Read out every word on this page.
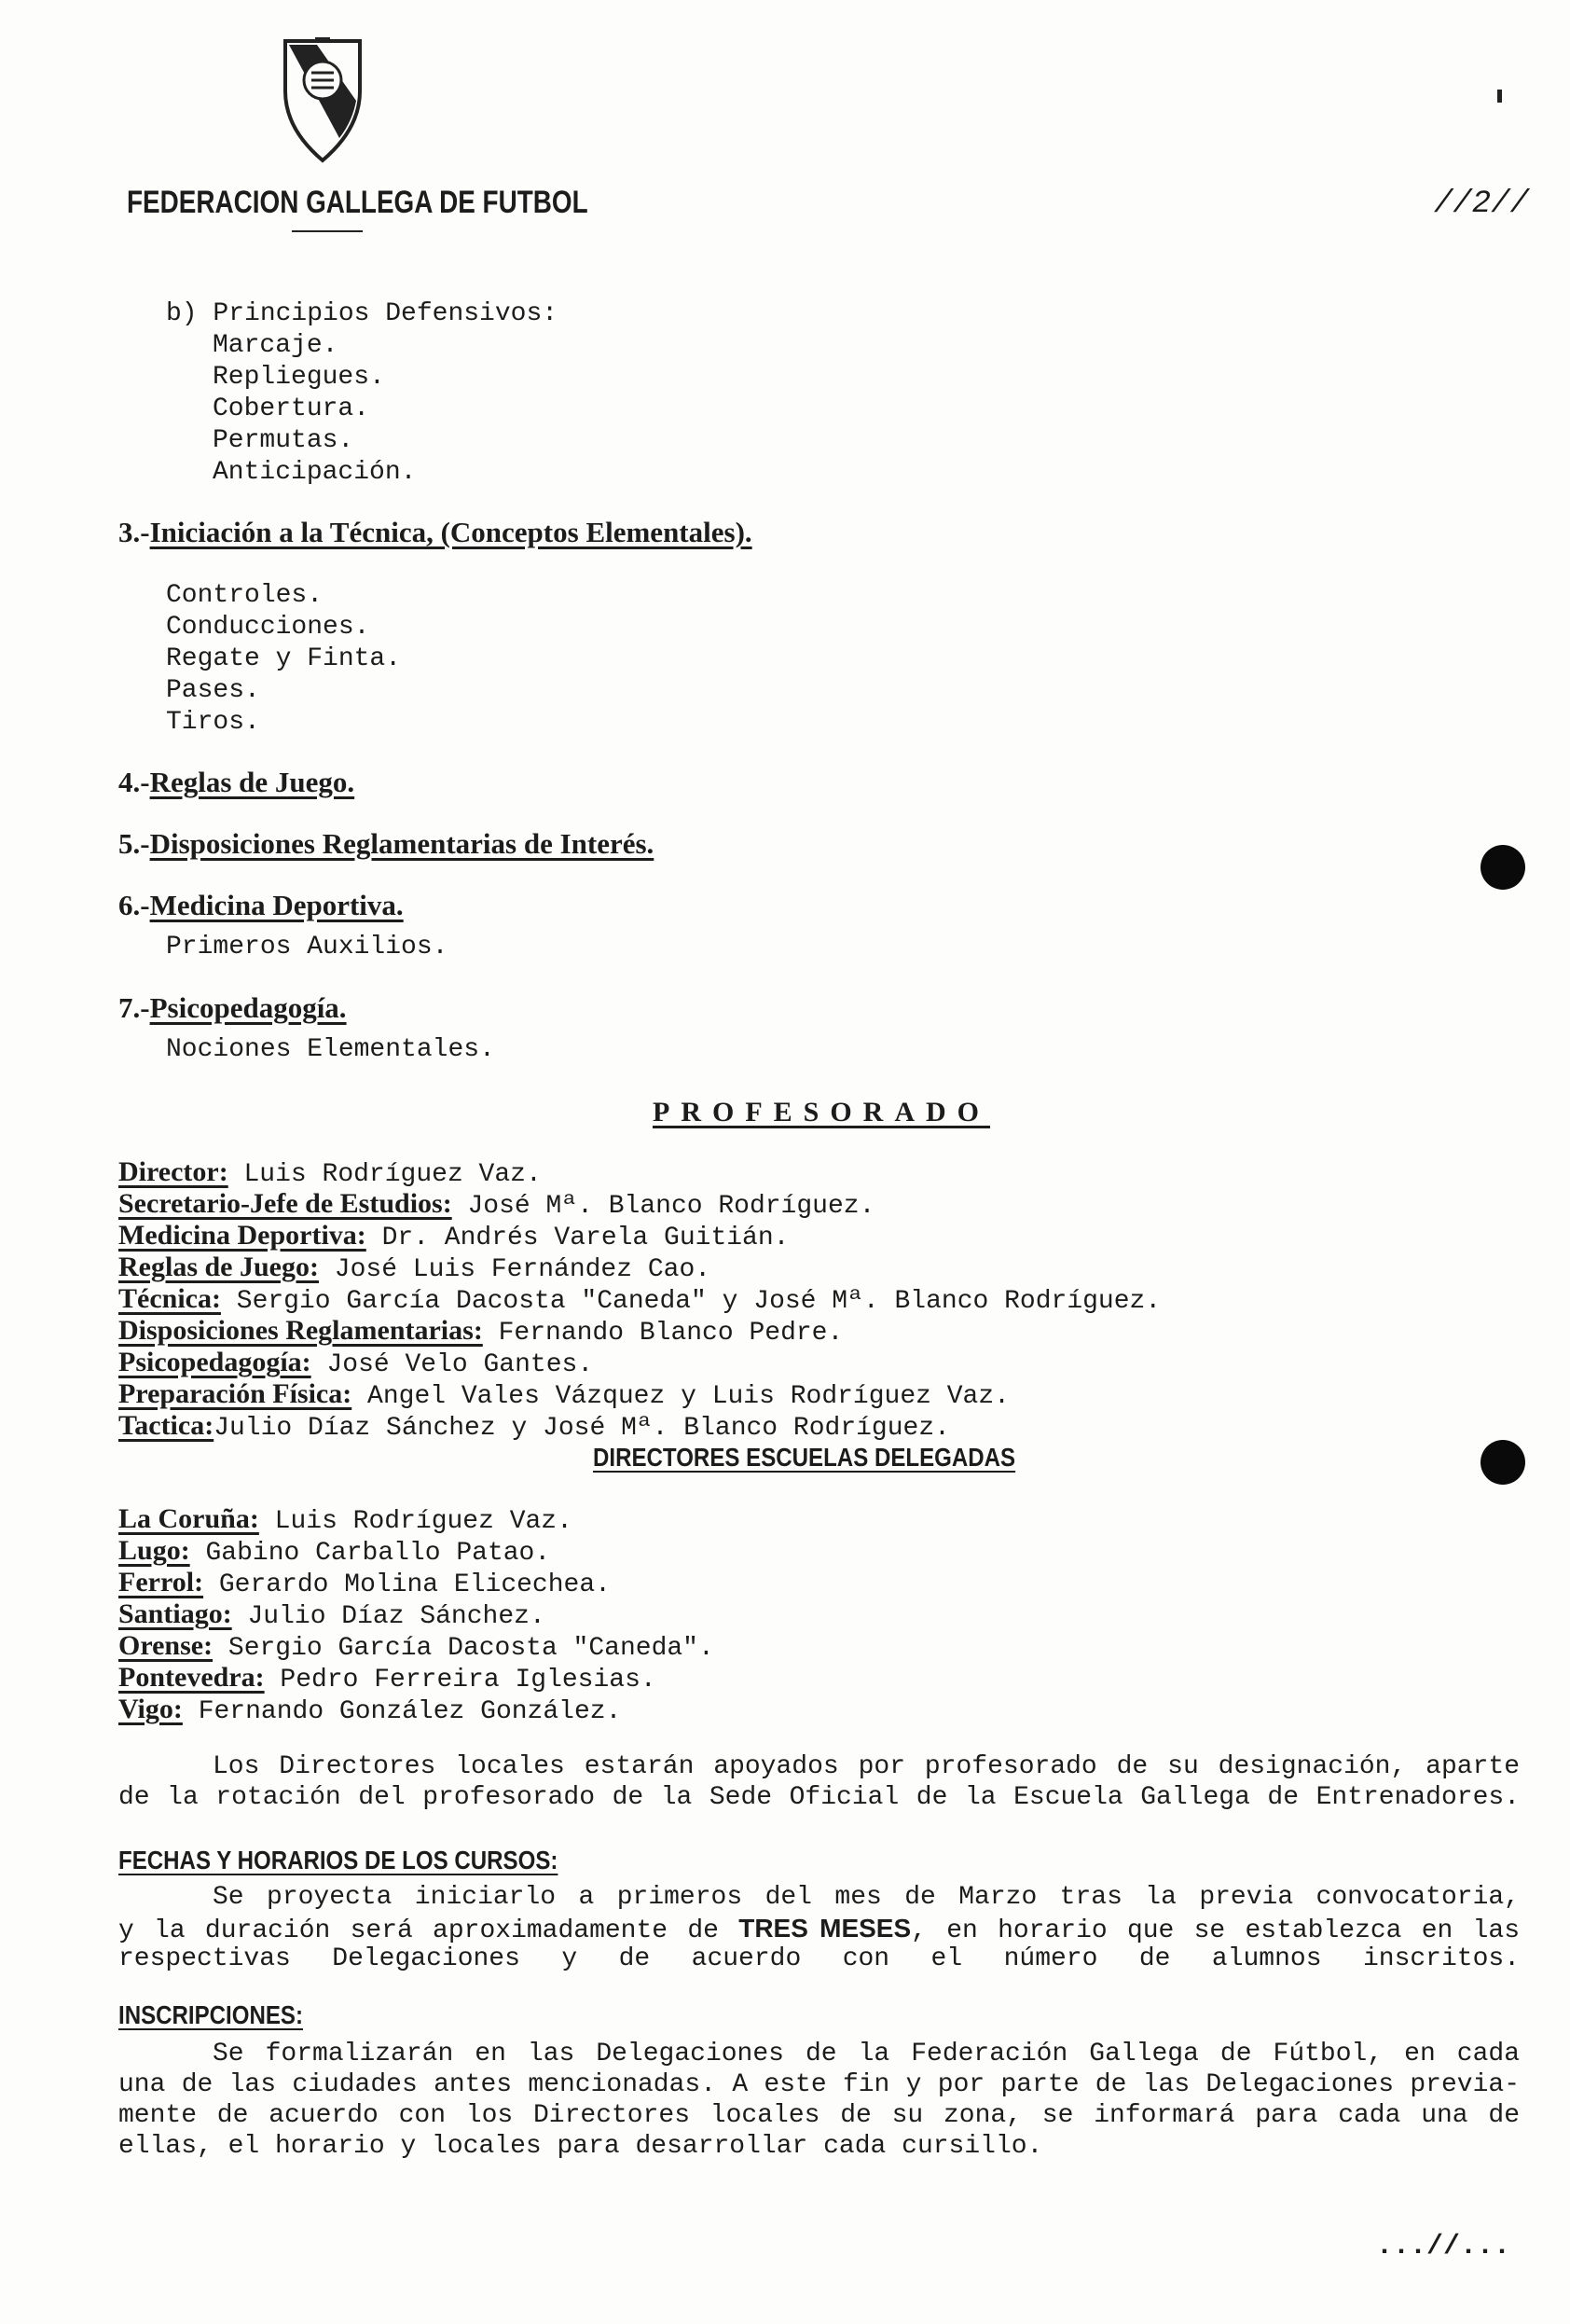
FEDERACION GALLEGA DE FUTBOL	//2//
b) Principios Defensivos:
Marcaje.
Repliegues.
Cobertura.
Permutas.
Anticipación.
3.-Iniciación a la Técnica, (Conceptos Elementales).
Controles.
Conducciones.
Regate y Finta.
Pases.
Tiros.
4.-Reglas de Juego.
5.-Disposiciones Reglamentarias de Interés.
6.-Medicina Deportiva.
Primeros Auxilios.
7.-Psicopedagogía.
Nociones Elementales.
PROFESORADO
Director: Luis Rodríguez Vaz.
Secretario-Jefe de Estudios: José Mª. Blanco Rodríguez.
Medicina Deportiva: Dr. Andrés Varela Guitián.
Reglas de Juego: José Luis Fernández Cao.
Técnica: Sergio García Dacosta "Caneda" y José Mª. Blanco Rodríguez.
Disposiciones Reglamentarias: Fernando Blanco Pedre.
Psicopedagogía: José Velo Gantes.
Preparación Física: Angel Vales Vázquez y Luis Rodríguez Vaz.
Tactica:Julio Díaz Sánchez y José Mª. Blanco Rodríguez.
DIRECTORES ESCUELAS DELEGADAS
La Coruña: Luis Rodríguez Vaz.
Lugo: Gabino Carballo Patao.
Ferrol: Gerardo Molina Elicechea.
Santiago: Julio Díaz Sánchez.
Orense: Sergio García Dacosta "Caneda".
Pontevedra: Pedro Ferreira Iglesias.
Vigo: Fernando González González.
Los Directores locales estarán apoyados por profesorado de su designación, aparte
de la rotación del profesorado de la Sede Oficial de la Escuela Gallega de Entrenadores.
FECHAS Y HORARIOS DE LOS CURSOS:
Se proyecta iniciarlo a primeros del mes de Marzo tras la previa convocatoria,
y la duración será aproximadamente de TRES MESES, en horario que se establezca en las
respectivas Delegaciones y de acuerdo con el número de alumnos inscritos.
INSCRIPCIONES:
Se formalizarán en las Delegaciones de la Federación Gallega de Fútbol, en cada
una de las ciudades antes mencionadas. A este fin y por parte de las Delegaciones previa-
mente de acuerdo con los Directores locales de su zona, se informará para cada una de
ellas, el horario y locales para desarrollar cada cursillo.
...//...
